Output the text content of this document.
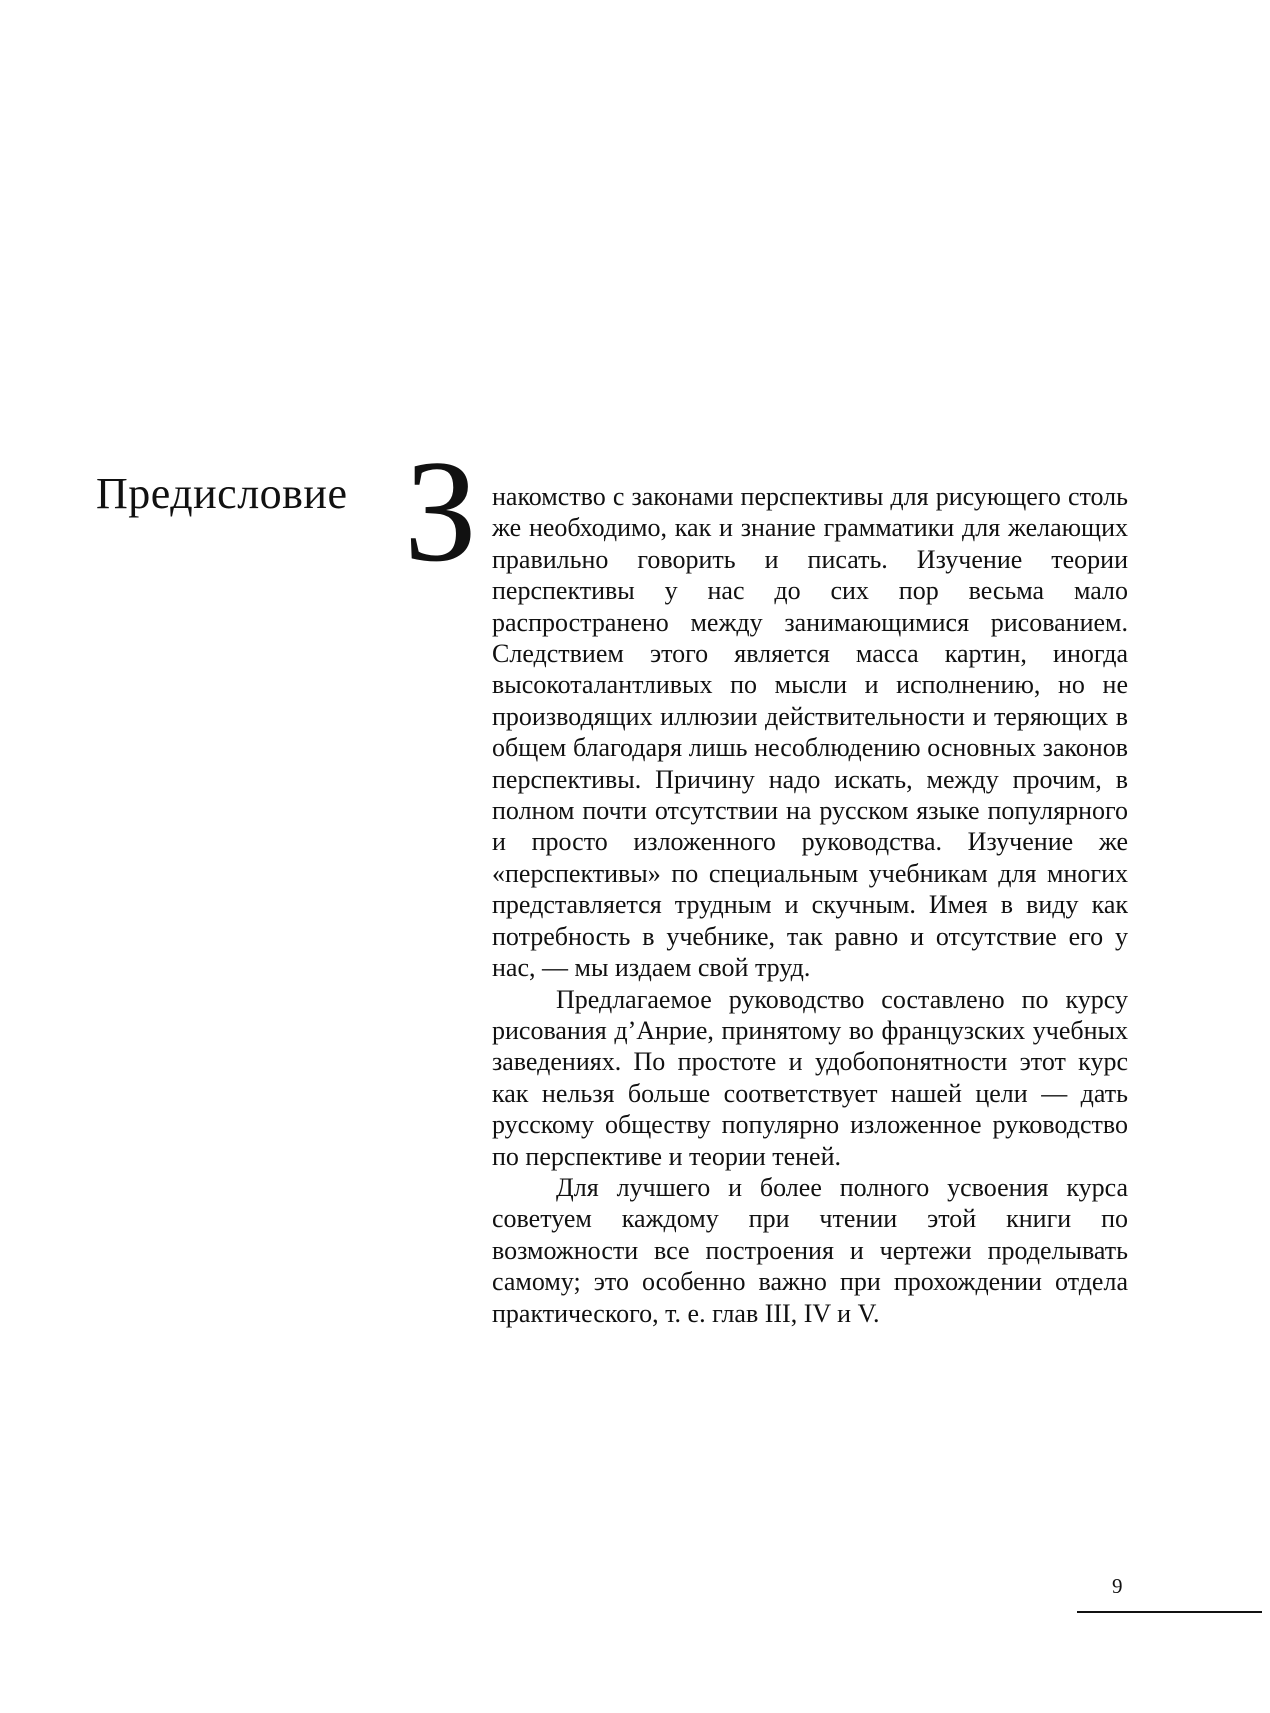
Предисловие З накомство с законами перспективы для рисующего столь же необходимо, как и знание грамматики для желающих правильно говорить и писать. Изучение теории перспективы у нас до сих пор весьма мало распространено между занимающимися рисованием. Следствием этого является масса картин, иногда высокоталантливых по мысли и исполнению, но не производящих иллюзии действительности и теряющих в общем благодаря лишь несоблюдению основных законов перспективы. Причину надо искать, между прочим, в полном почти отсутствии на русском языке популярного и просто изложенного руководства. Изучение же «перспективы» по специальным учебникам для многих представляется трудным и скучным. Имея в виду как потребность в учебнике, так равно и отсутствие его у нас, — мы издаем свой труд.

Предлагаемое руководство составлено по курсу рисования д’Анрие, принятому во французских учебных заведениях. По простоте и удобопонятности этот курс как нельзя больше соответствует нашей цели — дать русскому обществу популярно изложенное руководство по перспективе и теории теней.

Для лучшего и более полного усвоения курса советуем каждому при чтении этой книги по возможности все построения и чертежи проделывать самому; это особенно важно при прохождении отдела практического, т. е. глав III, IV и V.

9
